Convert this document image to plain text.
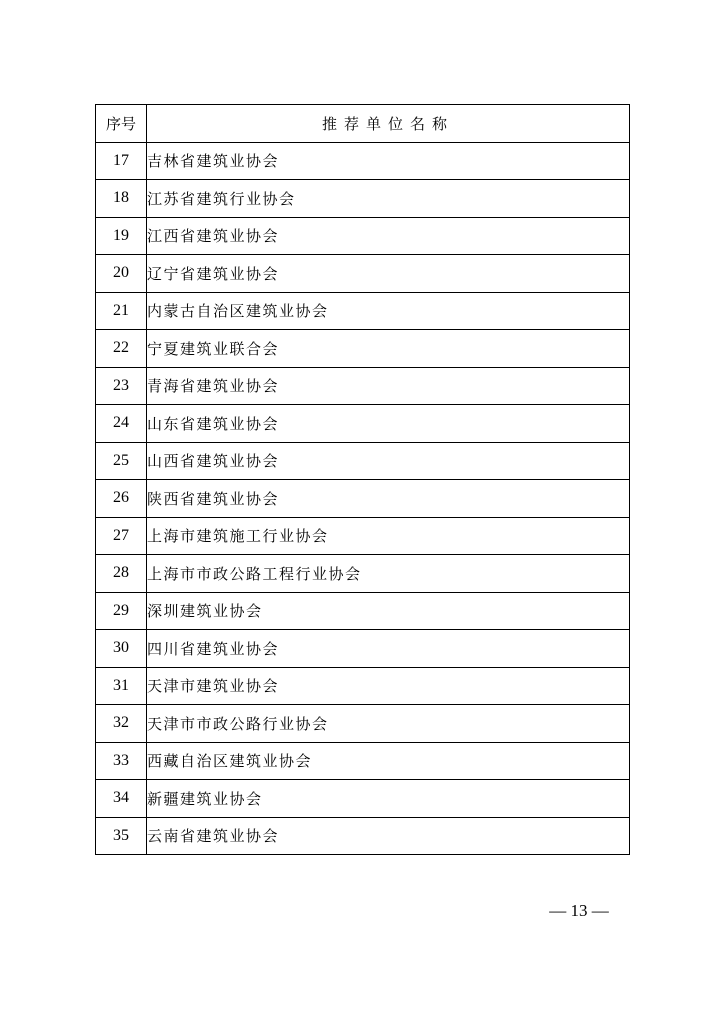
序号	推荐单位名称
17	吉林省建筑业协会
18	江苏省建筑行业协会
19	江西省建筑业协会
20	辽宁省建筑业协会
21	内蒙古自治区建筑业协会
22	宁夏建筑业联合会
23	青海省建筑业协会
24	山东省建筑业协会
25	山西省建筑业协会
26	陕西省建筑业协会
27	上海市建筑施工行业协会
28	上海市市政公路工程行业协会
29	深圳建筑业协会
30	四川省建筑业协会
31	天津市建筑业协会
32	天津市市政公路行业协会
33	西藏自治区建筑业协会
34	新疆建筑业协会
35	云南省建筑业协会
— 13 —
